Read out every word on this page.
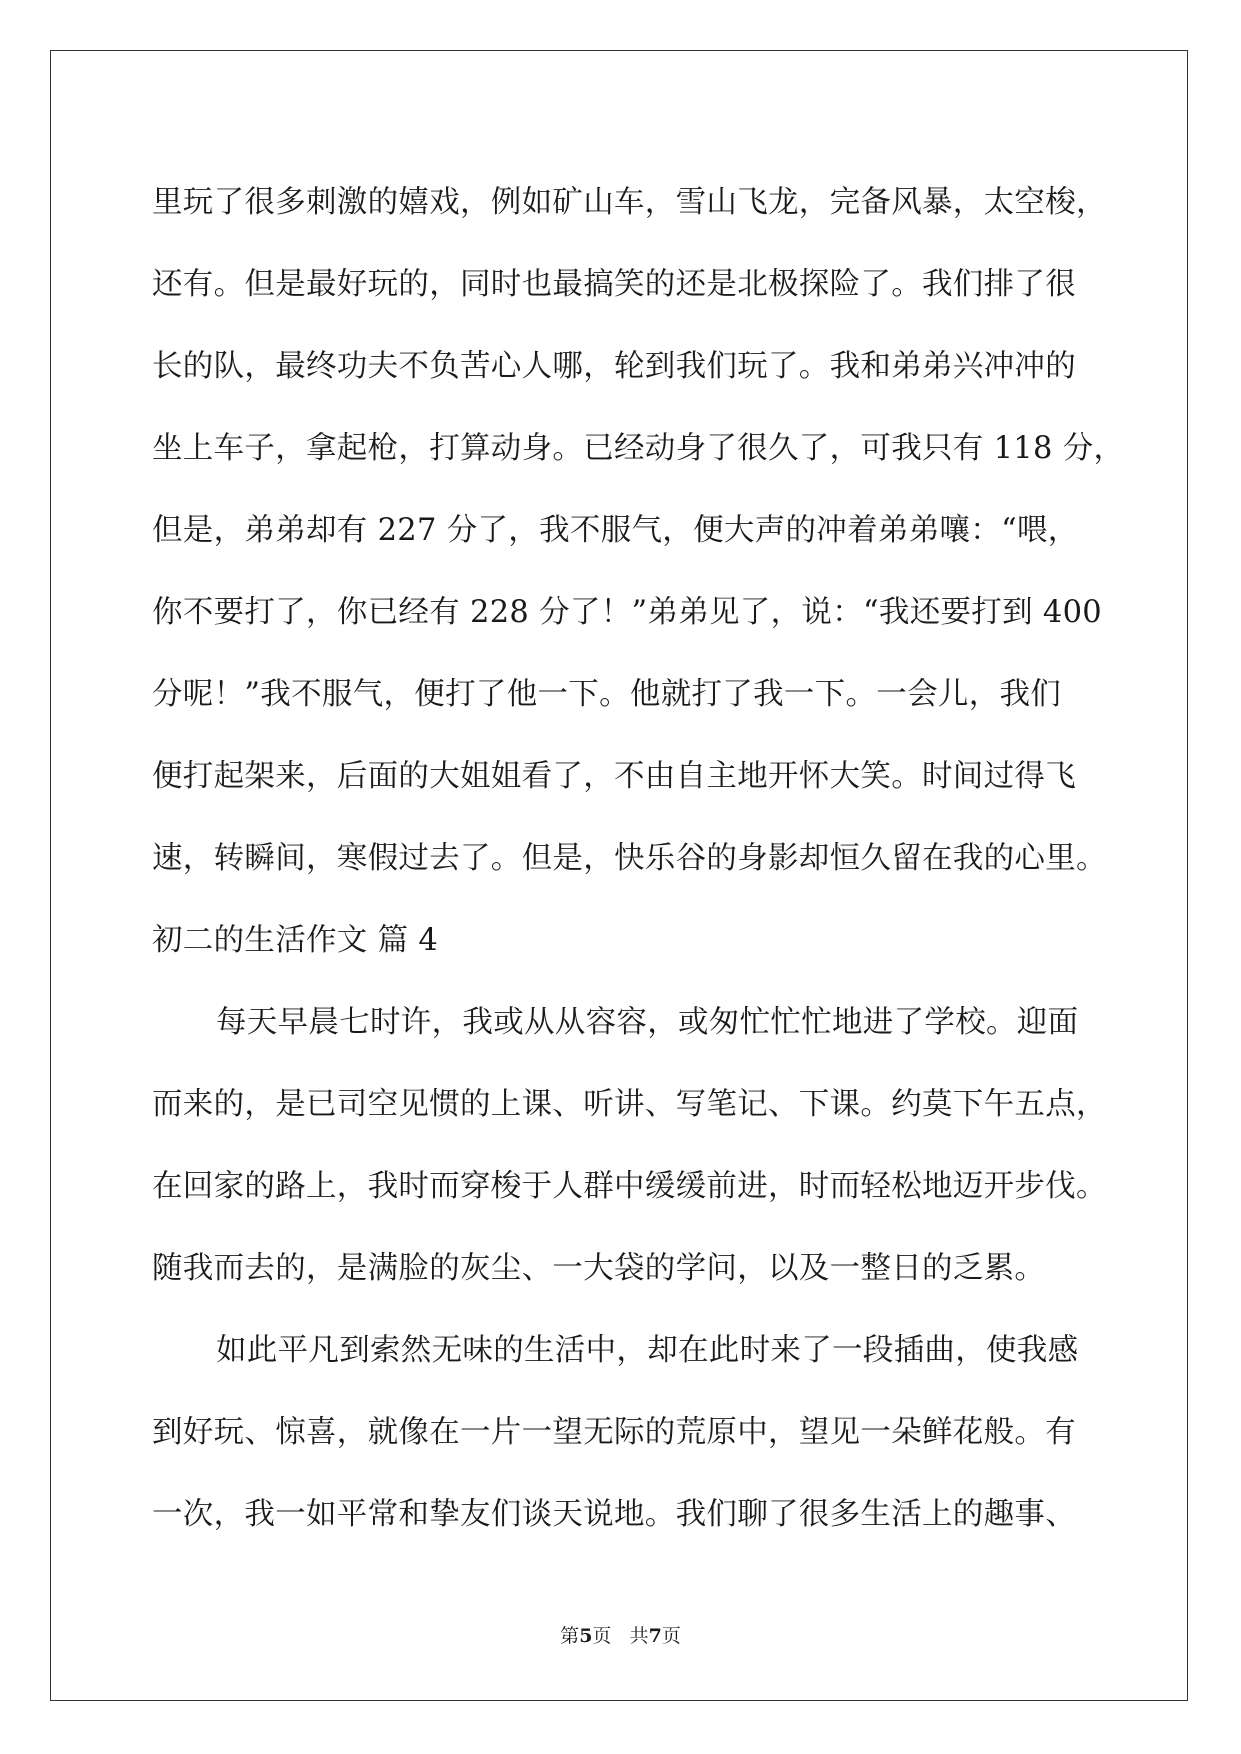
里玩了很多刺激的嬉戏，例如矿山车，雪山飞龙，完备风暴，太空梭，
还有。但是最好玩的，同时也最搞笑的还是北极探险了。我们排了很
长的队，最终功夫不负苦心人哪，轮到我们玩了。我和弟弟兴冲冲的
坐上车子，拿起枪，打算动身。已经动身了很久了，可我只有 118 分，
但是，弟弟却有 227 分了，我不服气，便大声的冲着弟弟嚷：“喂，
你不要打了，你已经有 228 分了！”弟弟见了，说：“我还要打到 400
分呢！”我不服气，便打了他一下。他就打了我一下。一会儿，我们
便打起架来，后面的大姐姐看了，不由自主地开怀大笑。时间过得飞
速，转瞬间，寒假过去了。但是，快乐谷的身影却恒久留在我的心里。
初二的生活作文 篇 4
每天早晨七时许，我或从从容容，或匆忙忙忙地进了学校。迎面
而来的，是已司空见惯的上课、听讲、写笔记、下课。约莫下午五点，
在回家的路上，我时而穿梭于人群中缓缓前进，时而轻松地迈开步伐。
随我而去的，是满脸的灰尘、一大袋的学问，以及一整日的乏累。
如此平凡到索然无味的生活中，却在此时来了一段插曲，使我感
到好玩、惊喜，就像在一片一望无际的荒原中，望见一朵鲜花般。有
一次，我一如平常和挚友们谈天说地。我们聊了很多生活上的趣事、
第5页 共7页
